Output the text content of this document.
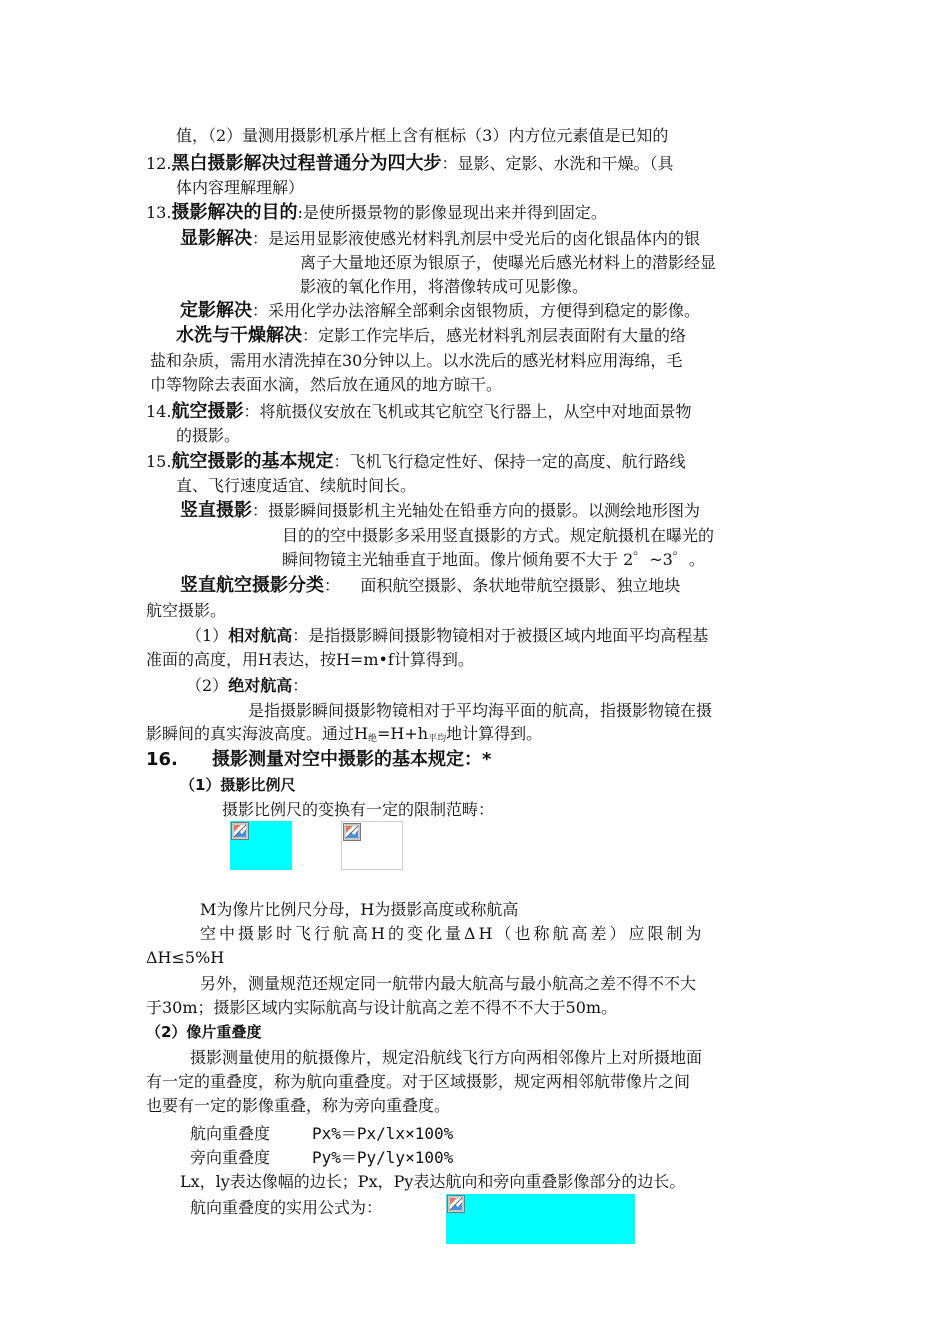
值，（2）量测用摄影机承片框上含有框标（3）内方位元素值是已知的
12.黑白摄影解决过程普通分为四大步：显影、定影、水洗和干燥。（具
体内容理解理解）
13.摄影解决的目的:是使所摄景物的影像显现出来并得到固定。
显影解决：是运用显影液使感光材料乳剂层中受光后的卤化银晶体内的银
离子大量地还原为银原子，使曝光后感光材料上的潜影经显
影液的氧化作用，将潜像转成可见影像。
定影解决：采用化学办法溶解全部剩余卤银物质，方便得到稳定的影像。
水洗与干燥解决：定影工作完毕后，感光材料乳剂层表面附有大量的络
盐和杂质，需用水清洗掉在30分钟以上。以水洗后的感光材料应用海绵，毛
巾等物除去表面水滴，然后放在通风的地方晾干。
14.航空摄影：将航摄仪安放在飞机或其它航空飞行器上，从空中对地面景物
的摄影。
15.航空摄影的基本规定：飞机飞行稳定性好、保持一定的高度、航行路线
直、飞行速度适宜、续航时间长。
竖直摄影：摄影瞬间摄影机主光轴处在铅垂方向的摄影。以测绘地形图为
目的的空中摄影多采用竖直摄影的方式。规定航摄机在曝光的
瞬间物镜主光轴垂直于地面。像片倾角要不大于 2゜~3゜。
竖直航空摄影分类：    面积航空摄影、条状地带航空摄影、独立地块
航空摄影。
（1）相对航高：是指摄影瞬间摄影物镜相对于被摄区域内地面平均高程基
准面的高度，用H表达，按H=m•f计算得到。
（2）绝对航高：
是指摄影瞬间摄影物镜相对于平均海平面的航高，指摄影物镜在摄
影瞬间的真实海波高度。通过$H_绝=H+h_{平均}$地计算得到。
16. 摄影测量对空中摄影的基本规定：*
（1）摄影比例尺
摄影比例尺的变换有一定的限制范畴：
M为像片比例尺分母，H为摄影高度或称航高
空中摄影时飞行航高H的变化量ΔH（也称航高差）应限制为
ΔH≤5%H
另外，测量规范还规定同一航带内最大航高与最小航高之差不得不不大
于30m；摄影区域内实际航高与设计航高之差不得不不大于50m。
（2）像片重叠度
摄影测量使用的航摄像片，规定沿航线飞行方向两相邻像片上对所摄地面
有一定的重叠度，称为航向重叠度。对于区域摄影，规定两相邻航带像片之间
也要有一定的影像重叠，称为旁向重叠度。
航向重叠度	Px%＝Px/lx×100%
旁向重叠度	Py%＝Py/ly×100%
Lx，ly表达像幅的边长；Px，Py表达航向和旁向重叠影像部分的边长。
航向重叠度的实用公式为：
